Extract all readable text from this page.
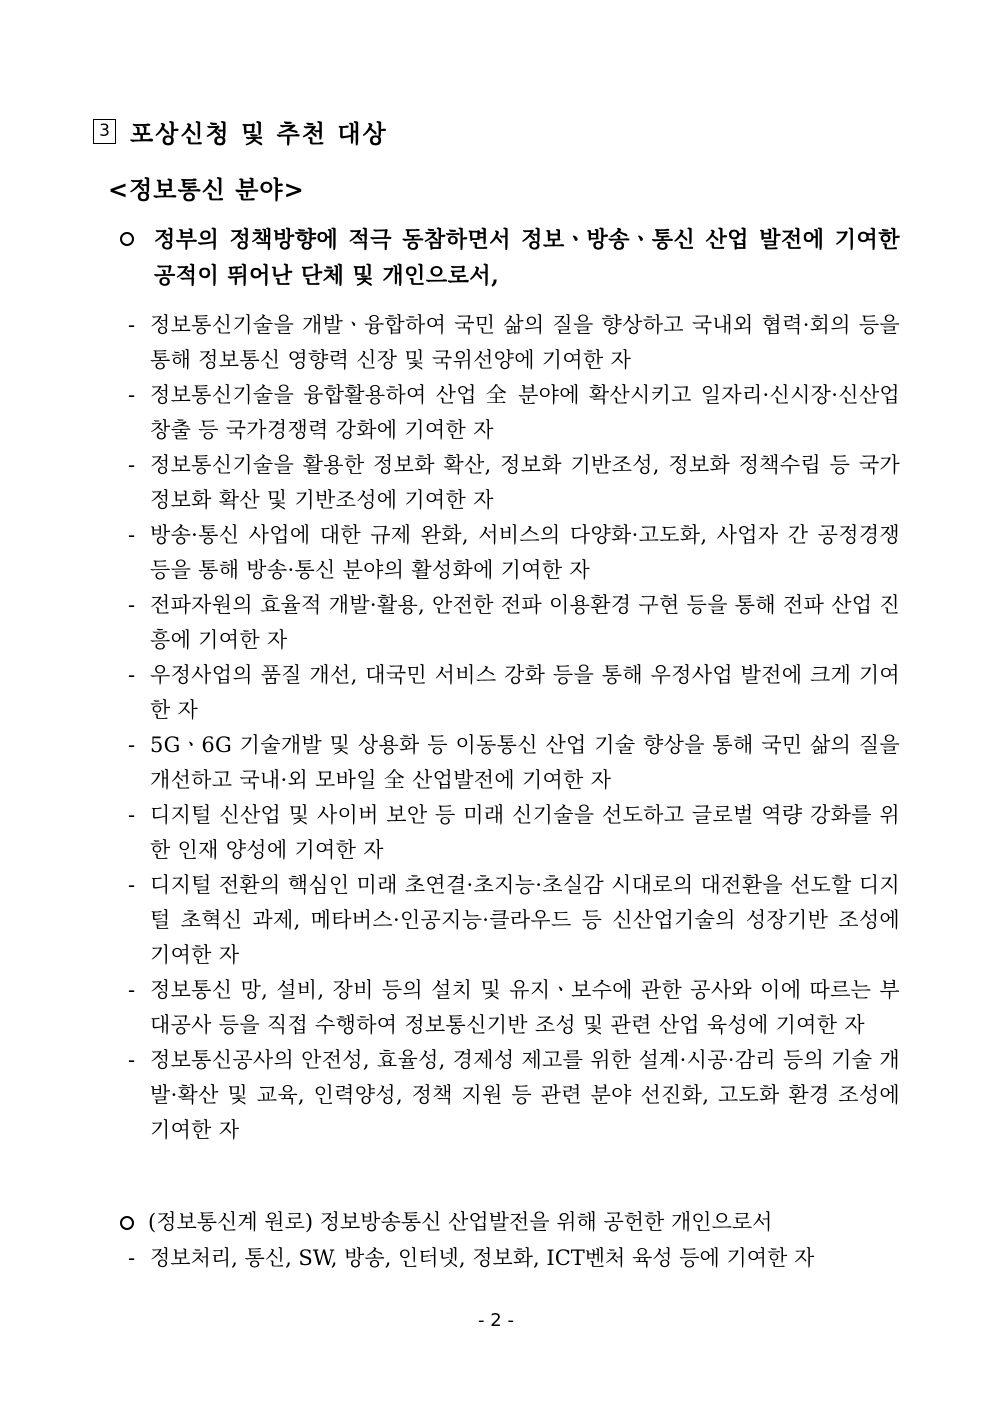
3 포상신청 및 추천 대상
<정보통신 분야>
정부의 정책방향에 적극 동참하면서 정보ㆍ방송ㆍ통신 산업 발전에 기여한 공적이 뛰어난 단체 및 개인으로서,
- 정보통신기술을 개발ㆍ융합하여 국민 삶의 질을 향상하고 국내외 협력·회의 등을 통해 정보통신 영향력 신장 및 국위선양에 기여한 자
- 정보통신기술을 융합활용하여 산업 全 분야에 확산시키고 일자리·신시장·신산업 창출 등 국가경쟁력 강화에 기여한 자
- 정보통신기술을 활용한 정보화 확산, 정보화 기반조성, 정보화 정책수립 등 국가정보화 확산 및 기반조성에 기여한 자
- 방송·통신 사업에 대한 규제 완화, 서비스의 다양화·고도화, 사업자 간 공정경쟁 등을 통해 방송·통신 분야의 활성화에 기여한 자
- 전파자원의 효율적 개발·활용, 안전한 전파 이용환경 구현 등을 통해 전파 산업 진흥에 기여한 자
- 우정사업의 품질 개선, 대국민 서비스 강화 등을 통해 우정사업 발전에 크게 기여한 자
- 5Gㆍ6G 기술개발 및 상용화 등 이동통신 산업 기술 향상을 통해 국민 삶의 질을 개선하고 국내·외 모바일 全 산업발전에 기여한 자
- 디지털 신산업 및 사이버 보안 등 미래 신기술을 선도하고 글로벌 역량 강화를 위한 인재 양성에 기여한 자
- 디지털 전환의 핵심인 미래 초연결·초지능·초실감 시대로의 대전환을 선도할 디지털 초혁신 과제, 메타버스·인공지능·클라우드 등 신산업기술의 성장기반 조성에 기여한 자
- 정보통신 망, 설비, 장비 등의 설치 및 유지ㆍ보수에 관한 공사와 이에 따르는 부대공사 등을 직접 수행하여 정보통신기반 조성 및 관련 산업 육성에 기여한 자
- 정보통신공사의 안전성, 효율성, 경제성 제고를 위한 설계·시공·감리 등의 기술 개발·확산 및 교육, 인력양성, 정책 지원 등 관련 분야 선진화, 고도화 환경 조성에 기여한 자
(정보통신계 원로) 정보방송통신 산업발전을 위해 공헌한 개인으로서
- 정보처리, 통신, SW, 방송, 인터넷, 정보화, ICT벤처 육성 등에 기여한 자
- 2 -
